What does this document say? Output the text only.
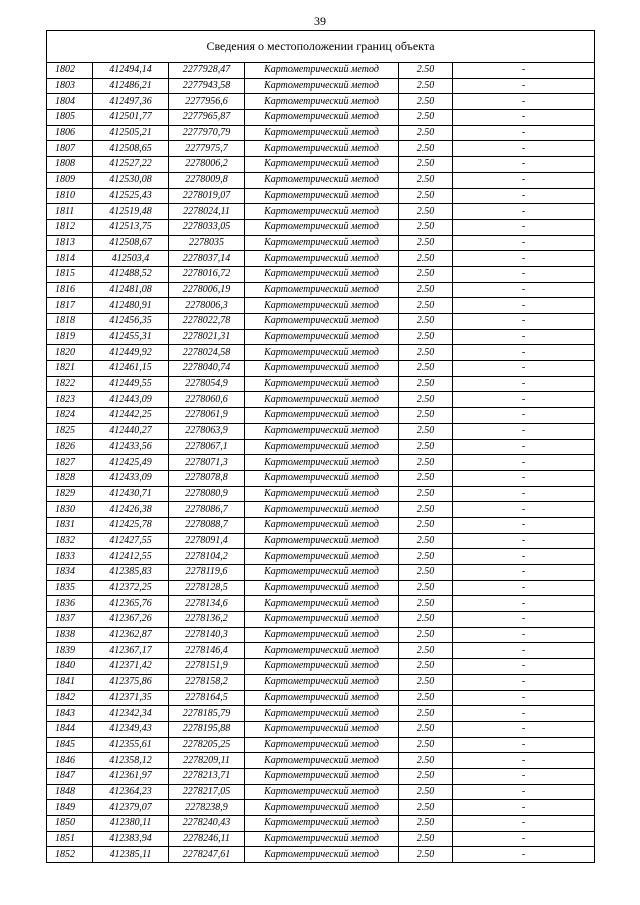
39
Сведения о местоположении границ объекта					
1802	412494,14	2277928,47	Картометрический метод	2.50	-
1803	412486,21	2277943,58	Картометрический метод	2.50	-
1804	412497,36	2277956,6	Картометрический метод	2.50	-
1805	412501,77	2277965,87	Картометрический метод	2.50	-
1806	412505,21	2277970,79	Картометрический метод	2.50	-
1807	412508,65	2277975,7	Картометрический метод	2.50	-
1808	412527,22	2278006,2	Картометрический метод	2.50	-
1809	412530,08	2278009,8	Картометрический метод	2.50	-
1810	412525,43	2278019,07	Картометрический метод	2.50	-
1811	412519,48	2278024,11	Картометрический метод	2.50	-
1812	412513,75	2278033,05	Картометрический метод	2.50	-
1813	412508,67	2278035	Картометрический метод	2.50	-
1814	412503,4	2278037,14	Картометрический метод	2.50	-
1815	412488,52	2278016,72	Картометрический метод	2.50	-
1816	412481,08	2278006,19	Картометрический метод	2.50	-
1817	412480,91	2278006,3	Картометрический метод	2.50	-
1818	412456,35	2278022,78	Картометрический метод	2.50	-
1819	412455,31	2278021,31	Картометрический метод	2.50	-
1820	412449,92	2278024,58	Картометрический метод	2.50	-
1821	412461,15	2278040,74	Картометрический метод	2.50	-
1822	412449,55	2278054,9	Картометрический метод	2.50	-
1823	412443,09	2278060,6	Картометрический метод	2.50	-
1824	412442,25	2278061,9	Картометрический метод	2.50	-
1825	412440,27	2278063,9	Картометрический метод	2.50	-
1826	412433,56	2278067,1	Картометрический метод	2.50	-
1827	412425,49	2278071,3	Картометрический метод	2.50	-
1828	412433,09	2278078,8	Картометрический метод	2.50	-
1829	412430,71	2278080,9	Картометрический метод	2.50	-
1830	412426,38	2278086,7	Картометрический метод	2.50	-
1831	412425,78	2278088,7	Картометрический метод	2.50	-
1832	412427,55	2278091,4	Картометрический метод	2.50	-
1833	412412,55	2278104,2	Картометрический метод	2.50	-
1834	412385,83	2278119,6	Картометрический метод	2.50	-
1835	412372,25	2278128,5	Картометрический метод	2.50	-
1836	412365,76	2278134,6	Картометрический метод	2.50	-
1837	412367,26	2278136,2	Картометрический метод	2.50	-
1838	412362,87	2278140,3	Картометрический метод	2.50	-
1839	412367,17	2278146,4	Картометрический метод	2.50	-
1840	412371,42	2278151,9	Картометрический метод	2.50	-
1841	412375,86	2278158,2	Картометрический метод	2.50	-
1842	412371,35	2278164,5	Картометрический метод	2.50	-
1843	412342,34	2278185,79	Картометрический метод	2.50	-
1844	412349,43	2278195,88	Картометрический метод	2.50	-
1845	412355,61	2278205,25	Картометрический метод	2.50	-
1846	412358,12	2278209,11	Картометрический метод	2.50	-
1847	412361,97	2278213,71	Картометрический метод	2.50	-
1848	412364,23	2278217,05	Картометрический метод	2.50	-
1849	412379,07	2278238,9	Картометрический метод	2.50	-
1850	412380,11	2278240,43	Картометрический метод	2.50	-
1851	412383,94	2278246,11	Картометрический метод	2.50	-
1852	412385,11	2278247,61	Картометрический метод	2.50	-
